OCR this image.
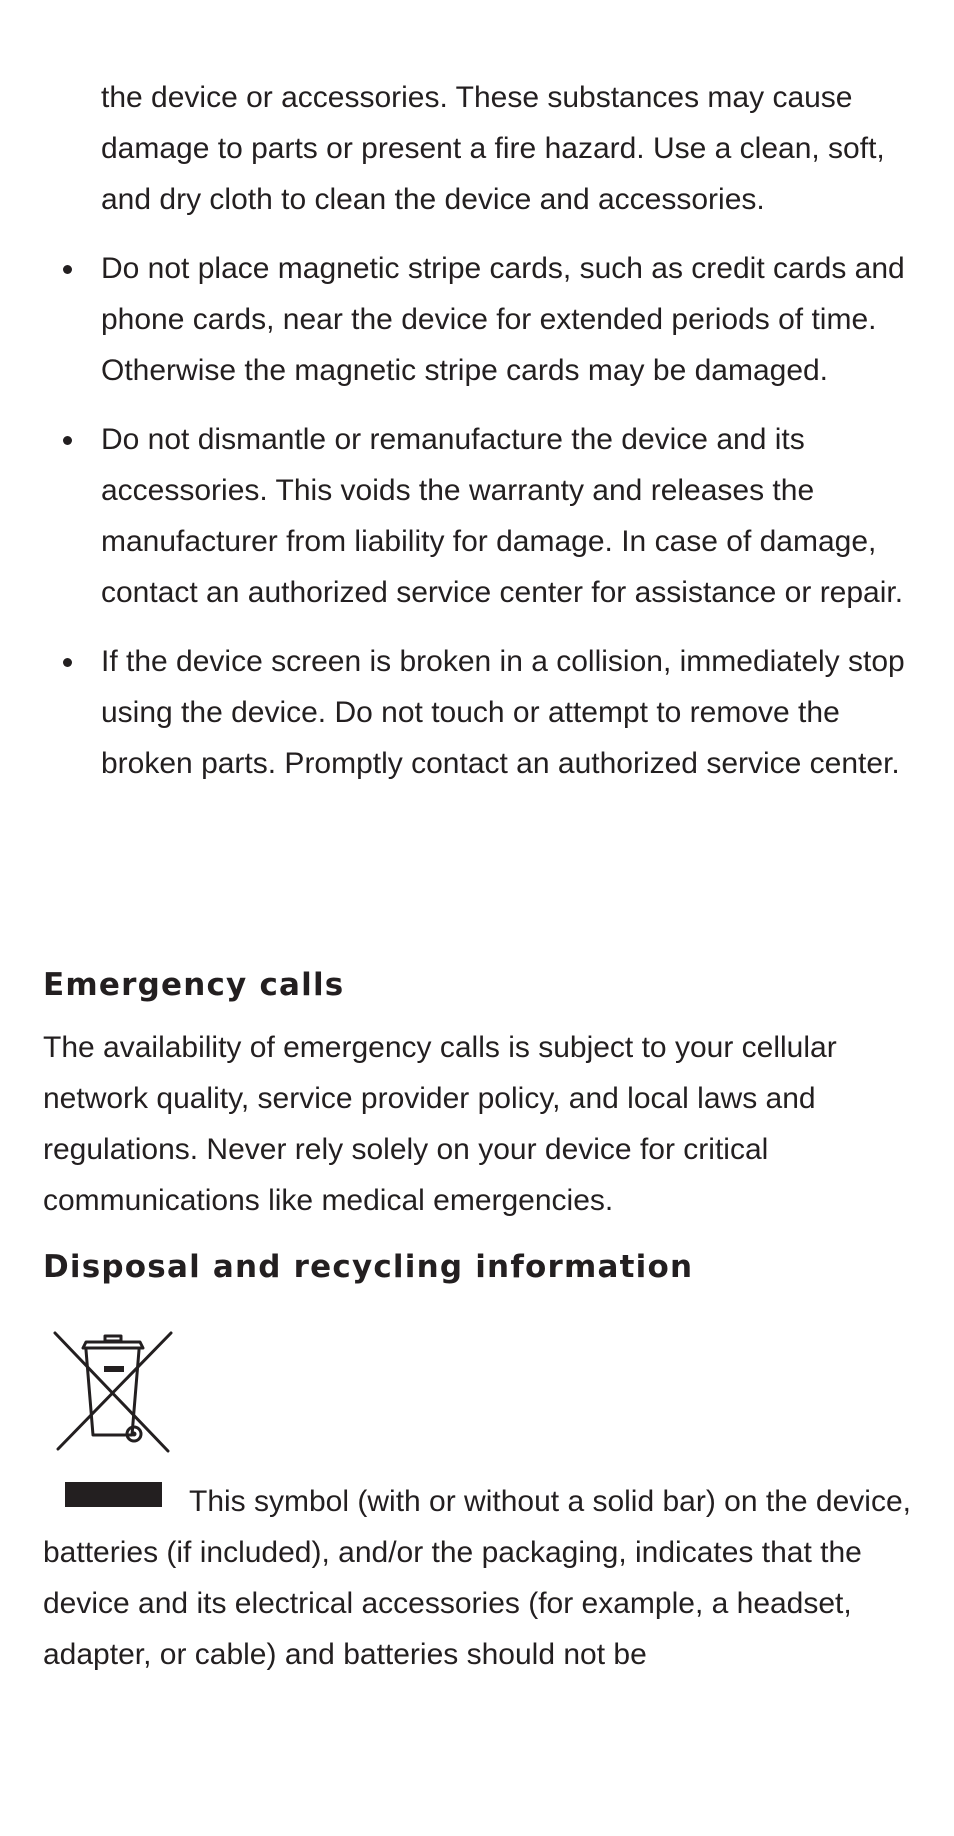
the device or accessories. These substances may cause damage to parts or present a fire hazard. Use a clean, soft, and dry cloth to clean the device and accessories.

Do not place magnetic stripe cards, such as credit cards and phone cards, near the device for extended periods of time. Otherwise the magnetic stripe cards may be damaged.
Do not dismantle or remanufacture the device and its accessories. This voids the warranty and releases the manufacturer from liability for damage. In case of damage, contact an authorized service center for assistance or repair.
If the device screen is broken in a collision, immediately stop using the device. Do not touch or attempt to remove the broken parts. Promptly contact an authorized service center.
Emergency calls

The availability of emergency calls is subject to your cellular network quality, service provider policy, and local laws and regulations. Never rely solely on your device for critical communications like medical emergencies.

Disposal and recycling information

This symbol (with or without a solid bar) on the device, batteries (if included), and/or the packaging, indicates that the device and its electrical accessories (for example, a headset, adapter, or cable) and batteries should not be
